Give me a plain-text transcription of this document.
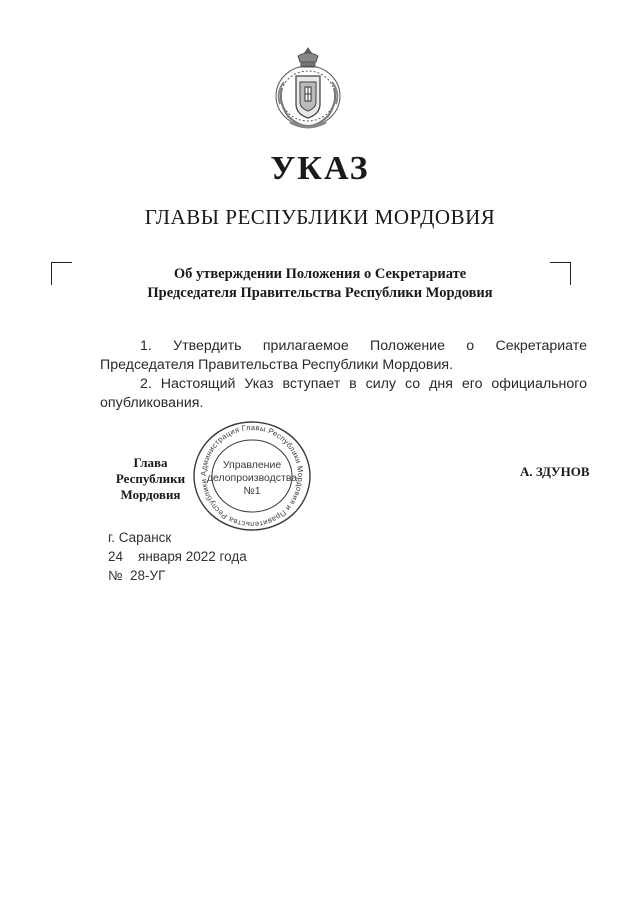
УКАЗ
ГЛАВЫ РЕСПУБЛИКИ МОРДОВИЯ
Об утверждении Положения о Секретариате
Председателя Правительства Республики Мордовия

1. Утвердить прилагаемое Положение о Секретариате Председателя Правительства Республики Мордовия.

2. Настоящий Указ вступает в силу со дня его официального опубликования.

Глава
Республики Мордовия
Администрация Главы Республики Мордовия и Правительства Республики
Управление
делопроизводства
№1
А. ЗДУНОВ
г. Саранск
24    января 2022 года
№  28-УГ
